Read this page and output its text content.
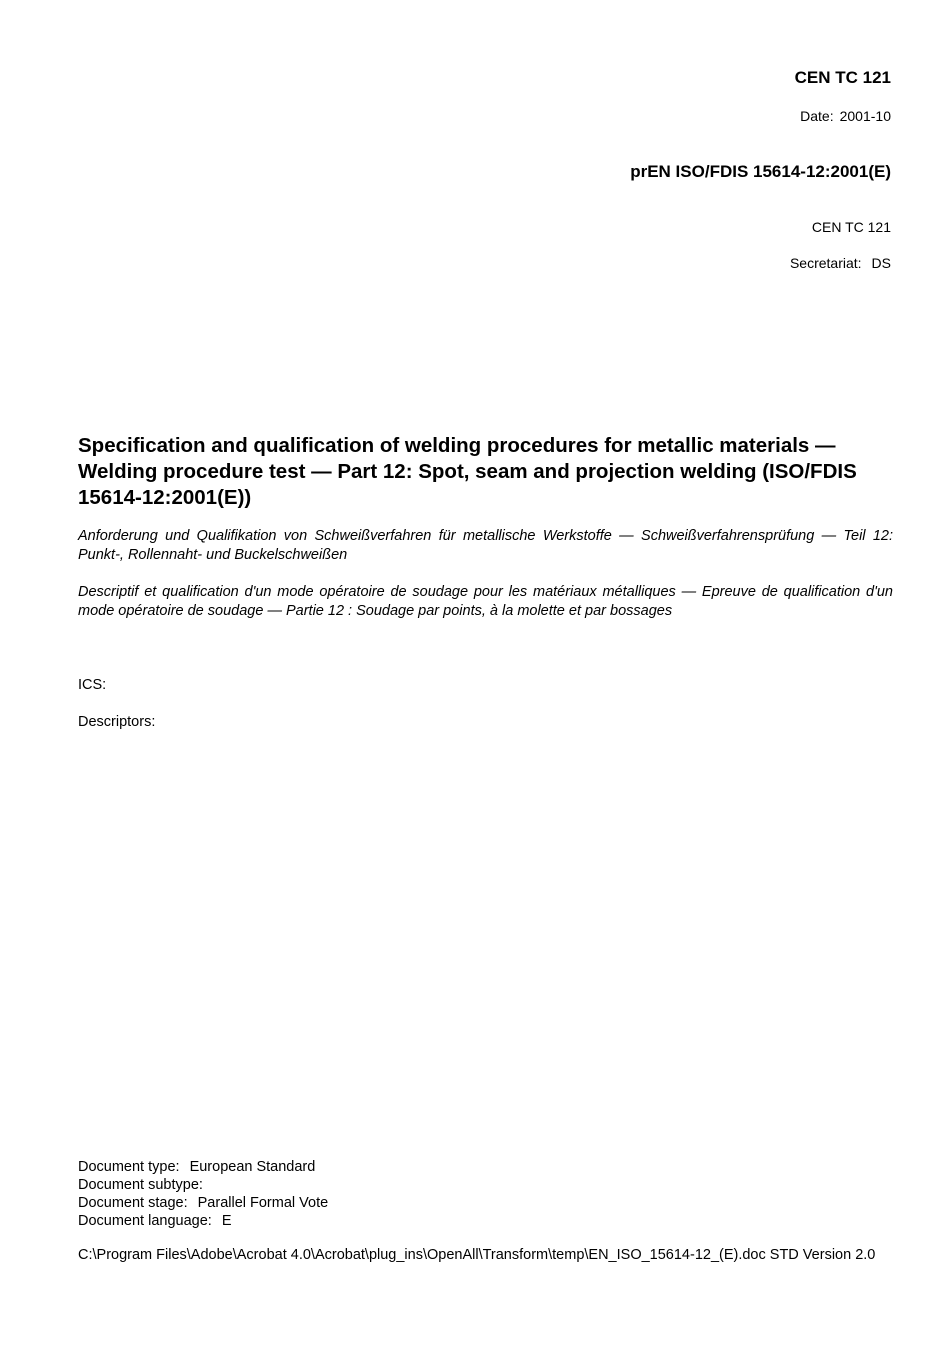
CEN TC 121
Date: 2001-10
prEN ISO/FDIS 15614-12:2001(E)
CEN TC 121
Secretariat: DS
Specification and qualification of welding procedures for metallic materials — Welding procedure test — Part 12: Spot, seam and projection welding (ISO/FDIS 15614-12:2001(E))
Anforderung und Qualifikation von Schweißverfahren für metallische Werkstoffe — Schweißverfahrensprüfung — Teil 12: Punkt-, Rollennaht- und Buckelschweißen
Descriptif et qualification d'un mode opératoire de soudage pour les matériaux métalliques — Epreuve de qualification d'un mode opératoire de soudage — Partie 12 : Soudage par points, à la molette et par bossages
ICS:
Descriptors:
Document type: European Standard
Document subtype:
Document stage: Parallel Formal Vote
Document language: E
C:\Program Files\Adobe\Acrobat 4.0\Acrobat\plug_ins\OpenAll\Transform\temp\EN_ISO_15614-12_(E).doc STD Version 2.0
